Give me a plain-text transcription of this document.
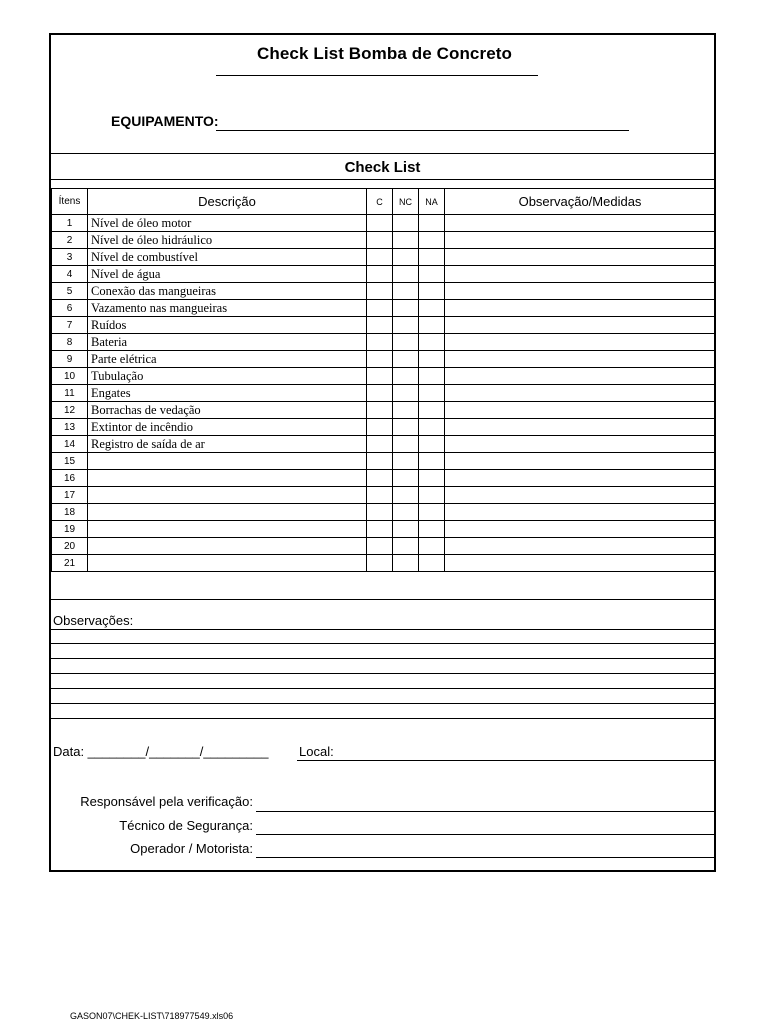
Check List Bomba de Concreto
EQUIPAMENTO:
Check List
Ítens	Descrição	C	NC	NA	Observação/Medidas
1	Nível de óleo motor				
2	Nível de óleo hidráulico				
3	Nível de combustível				
4	Nível de água				
5	Conexão das mangueiras				
6	Vazamento nas mangueiras				
7	Ruídos				
8	Bateria				
9	Parte elétrica				
10	Tubulação				
11	Engates				
12	Borrachas de vedação				
13	Extintor de incêndio				
14	Registro de saída de ar				
15					
16					
17					
18					
19					
20					
21					
Observações:
Data: ________/_______/_________ Local:
Responsável pela verificação:
Técnico de Segurança:
Operador / Motorista:
GASON07\CHEK-LIST\718977549.xls06
